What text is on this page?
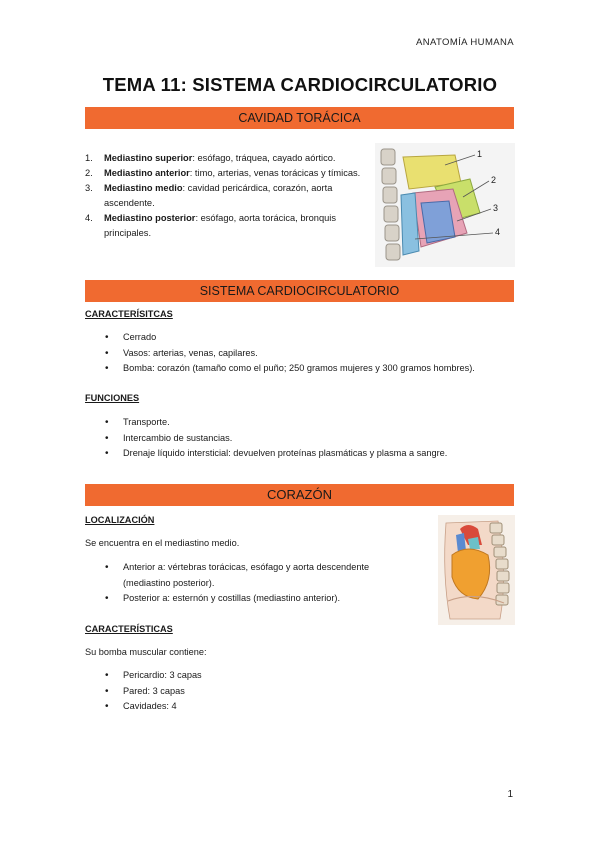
ANATOMÍA HUMANA
TEMA 11: SISTEMA CARDIOCIRCULATORIO
CAVIDAD TORÁCICA
1. Mediastino superior: esófago, tráquea, cayado aórtico.
2. Mediastino anterior: timo, arterias, venas torácicas y tímicas.
3. Mediastino medio: cavidad pericárdica, corazón, aorta ascendente.
4. Mediastino posterior: esófago, aorta torácica, bronquis principales.
1
2
3
4
SISTEMA CARDIOCIRCULATORIO
CARACTERÍSITCAS
• Cerrado
• Vasos: arterias, venas, capilares.
• Bomba: corazón (tamaño como el puño; 250 gramos mujeres y 300 gramos hombres).
FUNCIONES
• Transporte.
• Intercambio de sustancias.
• Drenaje líquido intersticial: devuelven proteínas plasmáticas y plasma a sangre.
CORAZÓN
LOCALIZACIÓN
Se encuentra en el mediastino medio.
• Anterior a: vértebras torácicas, esófago y aorta descendente (mediastino posterior).
• Posterior a: esternón y costillas (mediastino anterior).
CARACTERÍSTICAS
Su bomba muscular contiene:
• Pericardio: 3 capas
• Pared: 3 capas
• Cavidades: 4
1
